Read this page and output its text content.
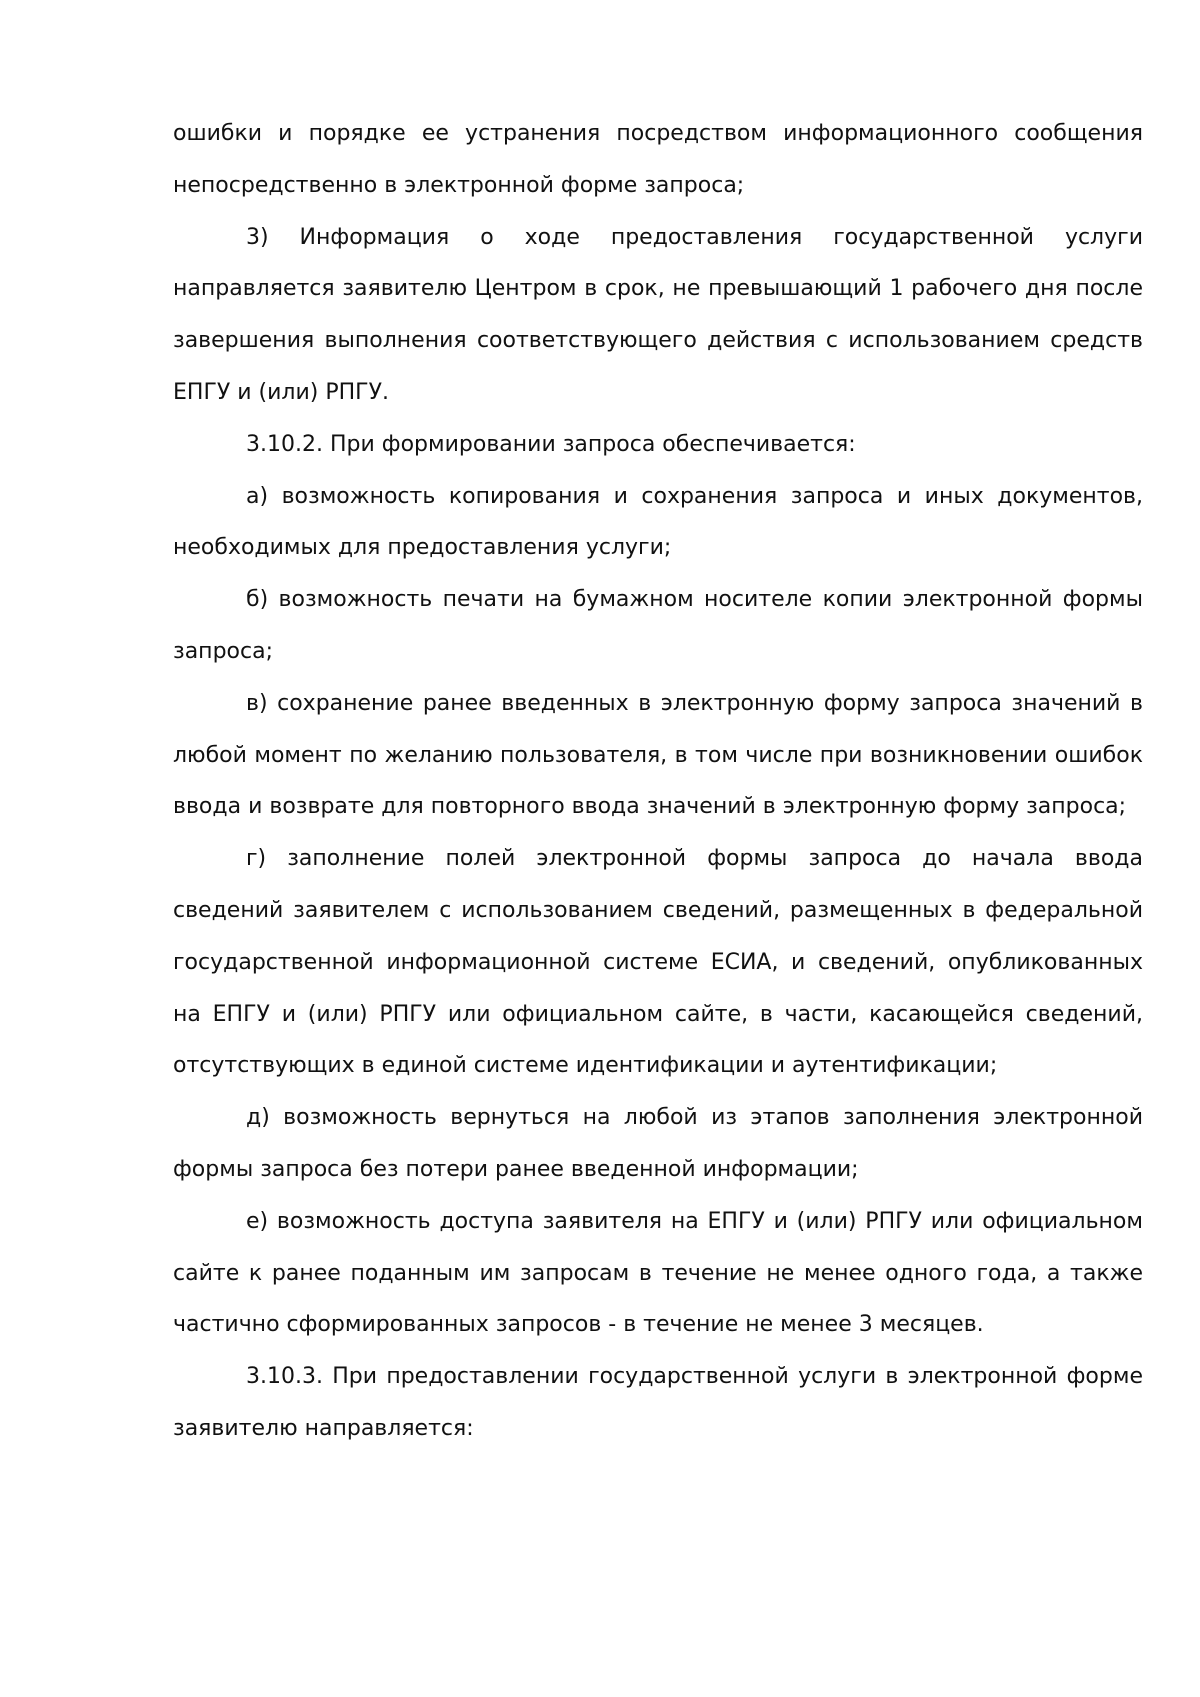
ошибки и порядке ее устранения посредством информационного сообщения непосредственно в электронной форме запроса;

3) Информация о ходе предоставления государственной услуги направляется заявителю Центром в срок, не превышающий 1 рабочего дня после завершения выполнения соответствующего действия с использованием средств ЕПГУ и (или) РПГУ.

3.10.2. При формировании запроса обеспечивается:

а) возможность копирования и сохранения запроса и иных документов, необходимых для предоставления услуги;

б) возможность печати на бумажном носителе копии электронной формы запроса;

в) сохранение ранее введенных в электронную форму запроса значений в любой момент по желанию пользователя, в том числе при возникновении ошибок ввода и возврате для повторного ввода значений в электронную форму запроса;

г) заполнение полей электронной формы запроса до начала ввода сведений заявителем с использованием сведений, размещенных в федеральной государственной информационной системе ЕСИА, и сведений, опубликованных на ЕПГУ и (или) РПГУ или официальном сайте, в части, касающейся сведений, отсутствующих в единой системе идентификации и аутентификации;

д) возможность вернуться на любой из этапов заполнения электронной формы запроса без потери ранее введенной информации;

е) возможность доступа заявителя на ЕПГУ и (или) РПГУ или официальном сайте к ранее поданным им запросам в течение не менее одного года, а также частично сформированных запросов - в течение не менее 3 месяцев.

3.10.3. При предоставлении государственной услуги в электронной форме заявителю направляется:
